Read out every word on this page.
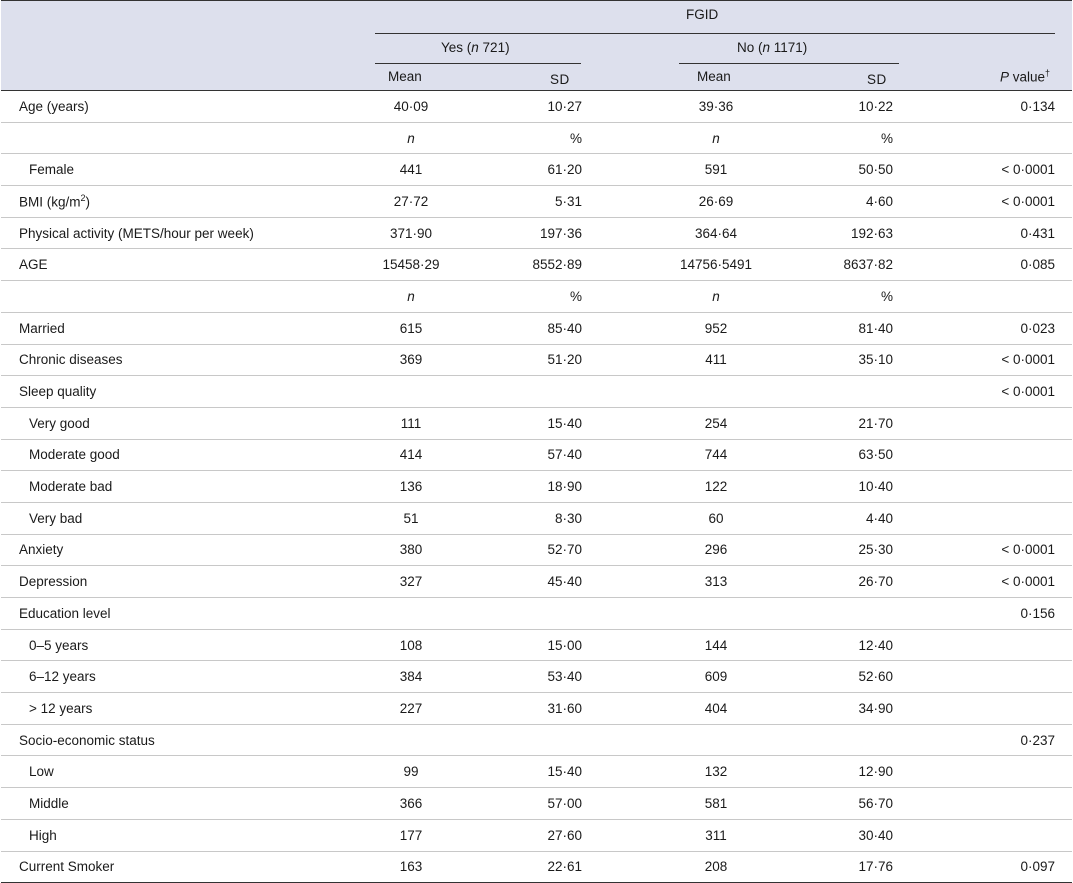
FGID
Yes (n 721)	No (n 1171)
Mean	SD	Mean	SD	P value†
Age (years)	40·09	10·27	39·36	10·22	0·134
	n	%	n	%	
Female	441	61·20	591	50·50	< 0·0001
BMI $(kg/m^2)$	27·72	5·31	26·69	4·60	< 0·0001
Physical activity (METS/hour per week)	371·90	197·36	364·64	192·63	0·431
AGE	15458·29	8552·89	14756·5491	8637·82	0·085
	n	%	n	%	
Married	615	85·40	952	81·40	0·023
Chronic diseases	369	51·20	411	35·10	< 0·0001
Sleep quality					< 0·0001
Very good	111	15·40	254	21·70	
Moderate good	414	57·40	744	63·50	
Moderate bad	136	18·90	122	10·40	
Very bad	51	8·30	60	4·40	
Anxiety	380	52·70	296	25·30	< 0·0001
Depression	327	45·40	313	26·70	< 0·0001
Education level					0·156
0–5 years	108	15·00	144	12·40	
6–12 years	384	53·40	609	52·60	
> 12 years	227	31·60	404	34·90	
Socio-economic status					0·237
Low	99	15·40	132	12·90	
Middle	366	57·00	581	56·70	
High	177	27·60	311	30·40	
Current Smoker	163	22·61	208	17·76	0·097
